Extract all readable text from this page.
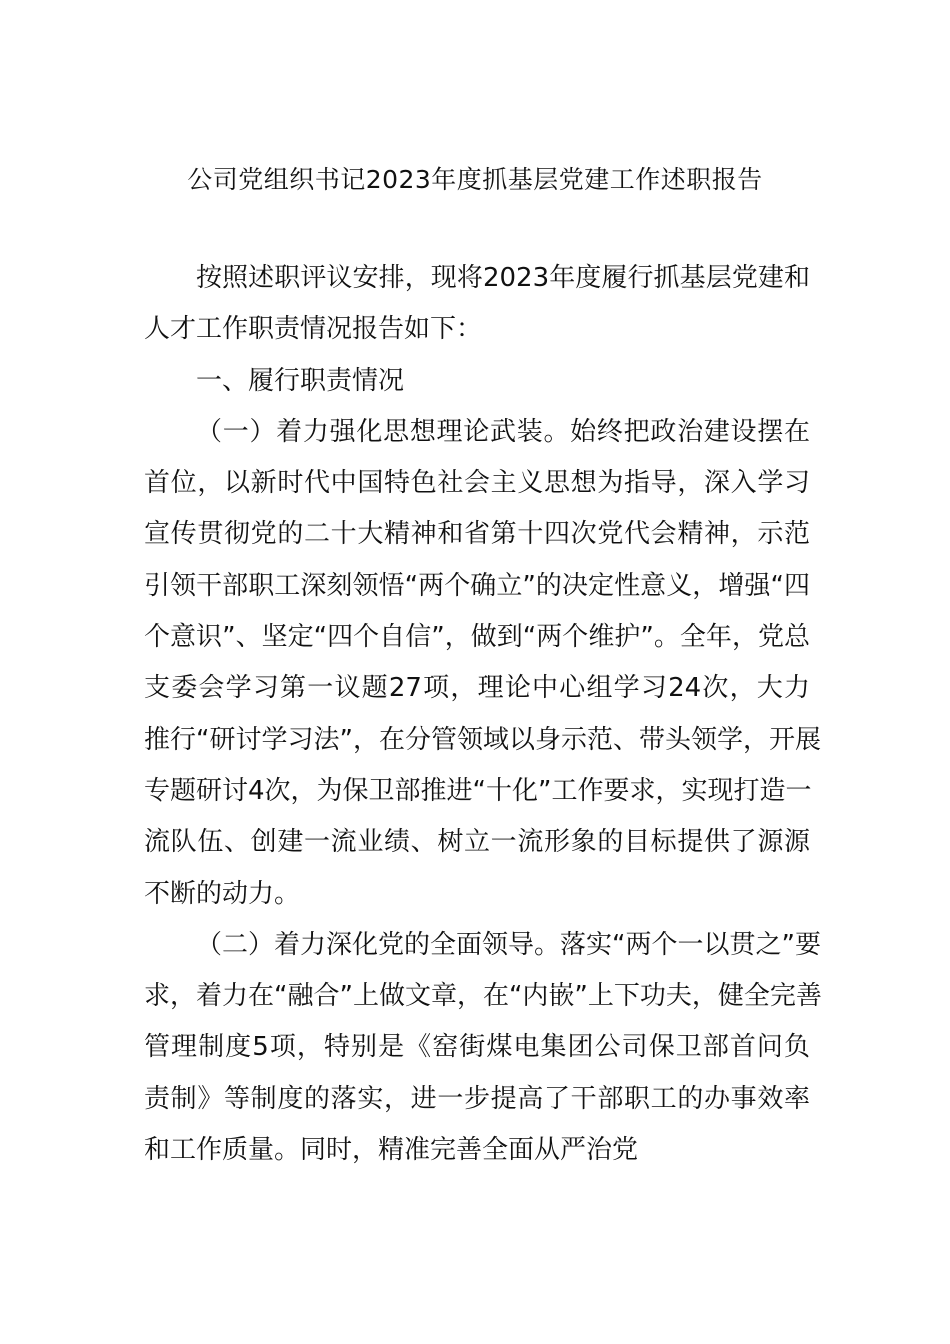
公司党组织书记2023年度抓基层党建工作述职报告
按照述职评议安排，现将2023年度履行抓基层党建和
人才工作职责情况报告如下：
一、履行职责情况
（一）着力强化思想理论武装。始终把政治建设摆在
首位，以新时代中国特色社会主义思想为指导，深入学习
宣传贯彻党的二十大精神和省第十四次党代会精神，示范
引领干部职工深刻领悟“两个确立”的决定性意义，增强“四
个意识”、坚定“四个自信”，做到“两个维护”。全年，党总
支委会学习第一议题27项，理论中心组学习24次，大力
推行“研讨学习法”，在分管领域以身示范、带头领学，开展
专题研讨4次，为保卫部推进“十化”工作要求，实现打造一
流队伍、创建一流业绩、树立一流形象的目标提供了源源
不断的动力。
（二）着力深化党的全面领导。落实“两个一以贯之”要
求，着力在“融合”上做文章，在“内嵌”上下功夫，健全完善
管理制度5项，特别是《窑街煤电集团公司保卫部首问负
责制》等制度的落实，进一步提高了干部职工的办事效率
和工作质量。同时，精准完善全面从严治党
